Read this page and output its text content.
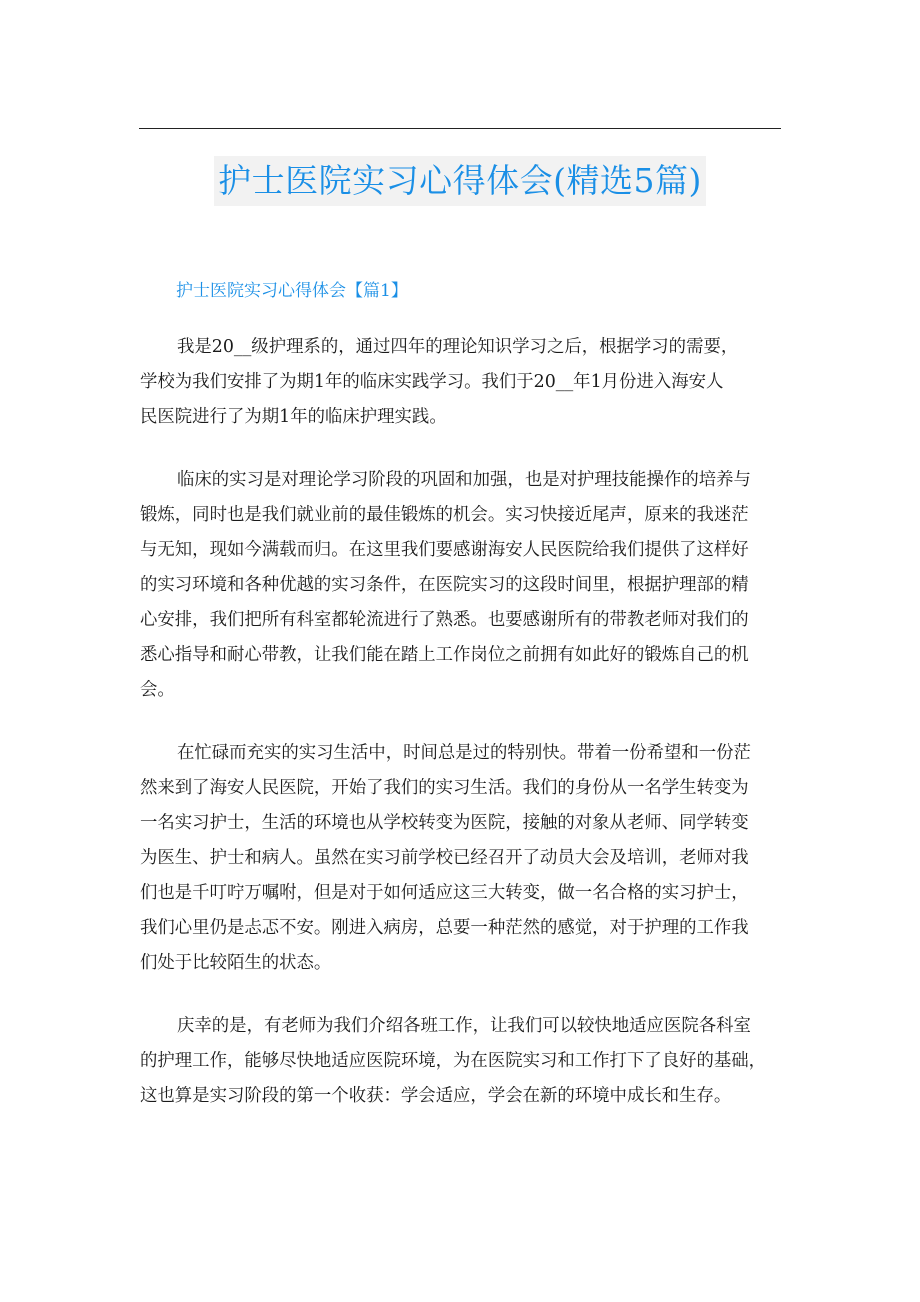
护士医院实习心得体会(精选5篇)
护士医院实习心得体会【篇1】

我是20__级护理系的，通过四年的理论知识学习之后，根据学习的需要，
学校为我们安排了为期1年的临床实践学习。我们于20__年1月份进入海安人
民医院进行了为期1年的临床护理实践。

临床的实习是对理论学习阶段的巩固和加强，也是对护理技能操作的培养与
锻炼，同时也是我们就业前的最佳锻炼的机会。实习快接近尾声，原来的我迷茫
与无知，现如今满载而归。在这里我们要感谢海安人民医院给我们提供了这样好
的实习环境和各种优越的实习条件，在医院实习的这段时间里，根据护理部的精
心安排，我们把所有科室都轮流进行了熟悉。也要感谢所有的带教老师对我们的
悉心指导和耐心带教，让我们能在踏上工作岗位之前拥有如此好的锻炼自己的机
会。

在忙碌而充实的实习生活中，时间总是过的特别快。带着一份希望和一份茫
然来到了海安人民医院，开始了我们的实习生活。我们的身份从一名学生转变为
一名实习护士，生活的环境也从学校转变为医院，接触的对象从老师、同学转变
为医生、护士和病人。虽然在实习前学校已经召开了动员大会及培训，老师对我
们也是千叮咛万嘱咐，但是对于如何适应这三大转变，做一名合格的实习护士，
我们心里仍是忐忑不安。刚进入病房，总要一种茫然的感觉，对于护理的工作我
们处于比较陌生的状态。

庆幸的是，有老师为我们介绍各班工作，让我们可以较快地适应医院各科室
的护理工作，能够尽快地适应医院环境，为在医院实习和工作打下了良好的基础，
这也算是实习阶段的第一个收获：学会适应，学会在新的环境中成长和生存。
